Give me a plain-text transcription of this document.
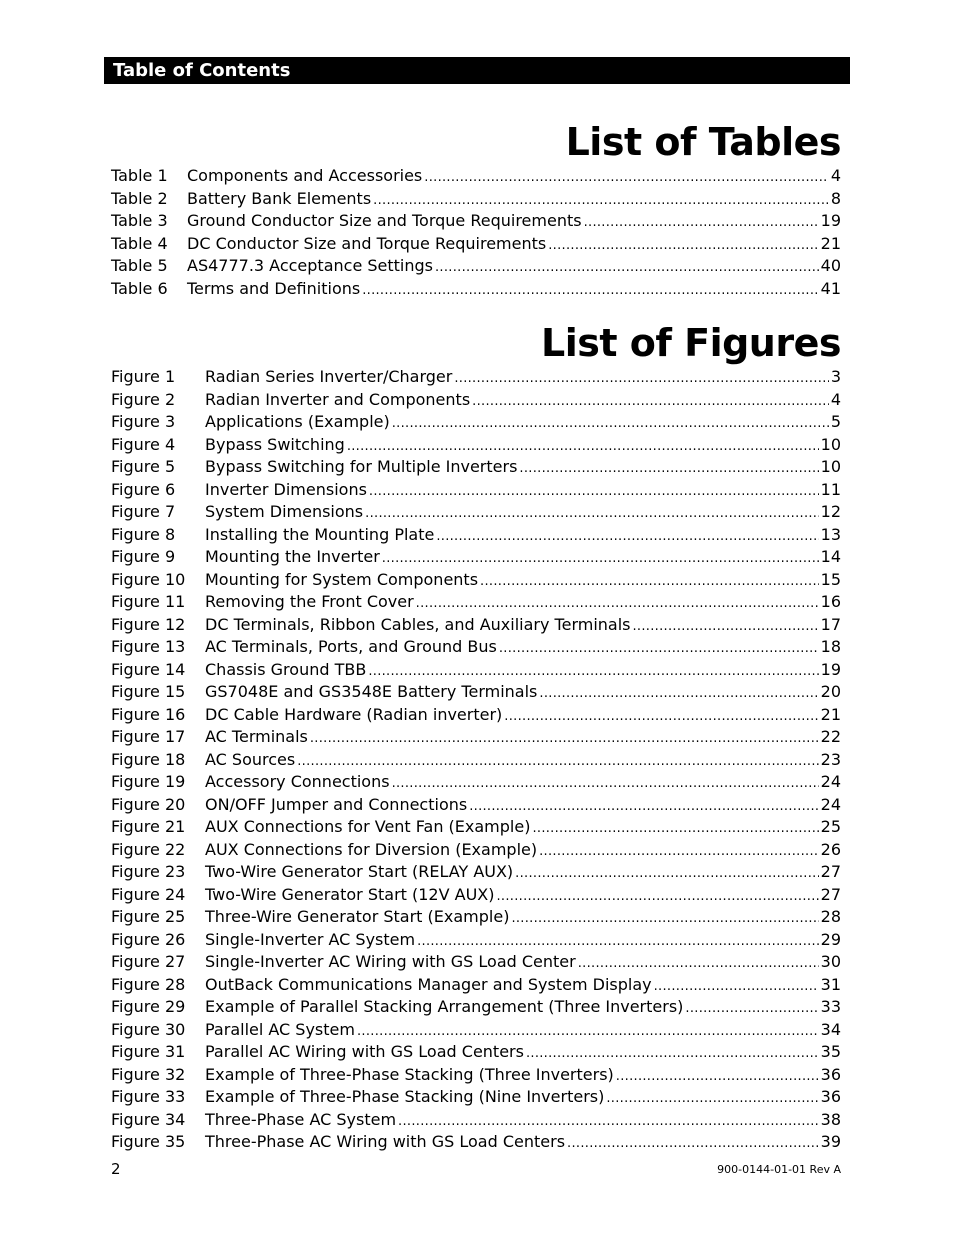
Table of Contents
List of Tables
Table 1	Components and Accessories .....	4
Table 2	Battery Bank Elements .....	8
Table 3	Ground Conductor Size and Torque Requirements .....	19
Table 4	DC Conductor Size and Torque Requirements .....	21
Table 5	AS4777.3 Acceptance Settings .....	40
Table 6	Terms and Definitions .....	41
List of Figures
Figure 1	Radian Series Inverter/Charger .....	3
Figure 2	Radian Inverter and Components .....	4
Figure 3	Applications (Example) .....	5
Figure 4	Bypass Switching .....	10
Figure 5	Bypass Switching for Multiple Inverters .....	10
Figure 6	Inverter Dimensions .....	11
Figure 7	System Dimensions .....	12
Figure 8	Installing the Mounting Plate .....	13
Figure 9	Mounting the Inverter .....	14
Figure 10	Mounting for System Components .....	15
Figure 11	Removing the Front Cover .....	16
Figure 12	DC Terminals, Ribbon Cables, and Auxiliary Terminals .....	17
Figure 13	AC Terminals, Ports, and Ground Bus .....	18
Figure 14	Chassis Ground TBB .....	19
Figure 15	GS7048E and GS3548E Battery Terminals .....	20
Figure 16	DC Cable Hardware (Radian inverter) .....	21
Figure 17	AC Terminals .....	22
Figure 18	AC Sources .....	23
Figure 19	Accessory Connections .....	24
Figure 20	ON/OFF Jumper and Connections .....	24
Figure 21	AUX Connections for Vent Fan (Example) .....	25
Figure 22	AUX Connections for Diversion (Example) .....	26
Figure 23	Two-Wire Generator Start (RELAY AUX) .....	27
Figure 24	Two-Wire Generator Start (12V AUX) .....	27
Figure 25	Three-Wire Generator Start (Example) .....	28
Figure 26	Single-Inverter AC System .....	29
Figure 27	Single-Inverter AC Wiring with GS Load Center .....	30
Figure 28	OutBack Communications Manager and System Display .....	31
Figure 29	Example of Parallel Stacking Arrangement (Three Inverters) .....	33
Figure 30	Parallel AC System .....	34
Figure 31	Parallel AC Wiring with GS Load Centers .....	35
Figure 32	Example of Three-Phase Stacking (Three Inverters) .....	36
Figure 33	Example of Three-Phase Stacking (Nine Inverters) .....	36
Figure 34	Three-Phase AC System .....	38
Figure 35	Three-Phase AC Wiring with GS Load Centers .....	39
2	900-0144-01-01 Rev A
